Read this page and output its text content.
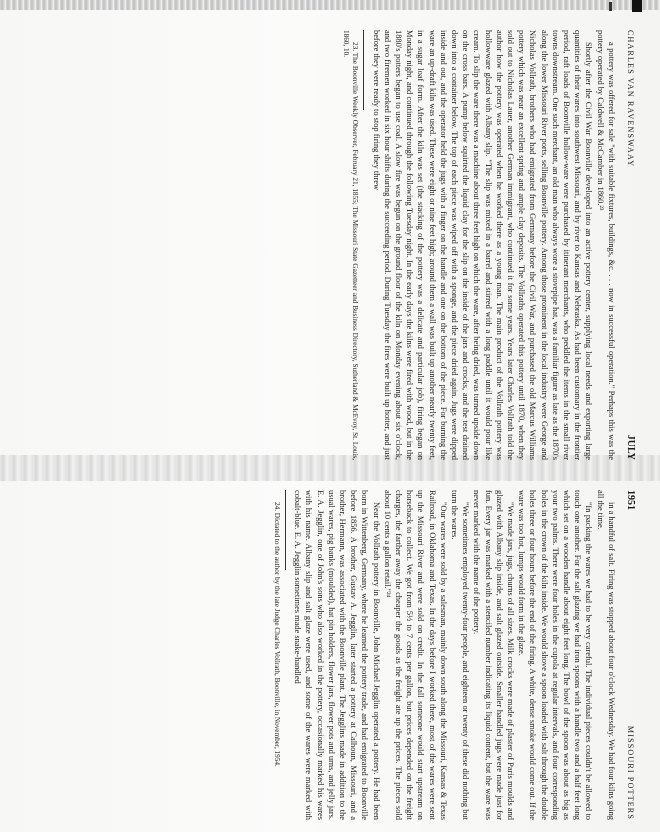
CHARLES VAN RAVENSWAAY
JULY

a pottery was offered for sale "with suitable fixtures, buildings, &c. . . . now in successful operation." Perhaps this was the pottery operated by Caldwell & McCamber in 1860.²³

Shortly after the Civil War Boonville developed into an active pottery center, supplying local needs and exporting large quantities of their wares into southwest Missouri, and by river to Kansas and Nebraska. As had been customary in the frontier period, raft loads of Boonville hollow-ware were purchased by itinerant merchants, who peddled the items in the small river towns downstream. One such merchant, an old man who always wore a stovepipe hat, was a familiar figure as late as the 1870's along the lower Missouri River ports, selling Boonville pottery. Among those prominent in the local industry were George and Nicholas Vollrath, brothers who had emigrated from Germany before the Civil War, and purchased the old Marcus Williams pottery which was near an excellent spring and ample clay deposits. The Vollraths operated this pottery until 1870, when they sold out to Nicholas Lauer, another German immigrant, who continued it for some years. Years later Charles Vollrath told the author how the pottery was operated when he worked there as a young man. The main product of the Vollrath pottery was hollowware glazed with Albany slip. "The slip was mixed in a barrel and stirred with a long paddle until it would pour like cream. To slip the ware there was a machine about three feet high on which the ware, after being dried, was turned upside down on the cross bars. A pump below squirted the liquid clay for the slip on the inside of the jars and crocks, and the test drained down into a container below. The top of each piece was wiped off with a sponge, and the piece dried again. Jugs were dipped inside and out, and the operator held the jugs with a finger on the handle and one on the bottom of the piece. For burning the ware an up-draft kiln was used. These were eight or nine feet high; around them a wall was built up another nearly twenty feet, in a sugar loaf form. After the kiln was set (the stacking of the pottery was a delicate and particular job), firing began on Monday night, and continued through the following Tuesday night. In the early days the kilns were fired with wood, but in the 1880's potters began to use coal. A slow fire was begun on the ground floor of the kiln on Monday evening about six o'clock, and two firemen worked in six hour shifts during the succeeding period. During Tuesday the fires were built up hotter, and just before they were ready to stop firing they threw

23. The Boonville Weekly Observer, February 21, 1855; The Missouri State Gazetteer and Business Directory, Sutherland & McEvoy, St. Louis, 1860, 10.

1951
MISSOURI POTTERS

in a handful of salt. Firing was stopped about four o'clock Wednesday. We had four kilns going all the time.

"In packing the wares we had to be very careful. The individual pieces couldn't be allowed to touch one another. For the salt glazing we had iron spoons with a handle two and a half feet long which set on a wooden handle about eight feet long. The bowl of the spoon was about as big as your two palms. There were four holes in the cupola at regular intervals, and four corresponding holes in the crown of the kiln inside. We would shove a spoon loaded with salt through the double holes three or four hours before the end of the firing. A white, dense smoke would come out. If the ware was too hot, lumps would form in the glaze.

"We made jars, jugs, churns of all sizes. Milk crocks were made of plaster of Paris moulds and glazed with Albany slip inside, and salt glazed outside. Smaller handled jugs were made just for fun. Every jar was marked with a stenciled number indicating its liquid content, but the ware was never marked with the name of the pottery.

"We sometimes employed twenty-four people, and eighteen or twenty of these did nothing but turn the wares.

"Our wares were sold by a salesman, mainly down south along the Missouri, Kansas & Texas Railroad, in Oklahoma and Texas. In the days before I worked there, most of the wares were sent up the Missouri River and were sold on credit. In the fall someone would start upstream on horseback to collect. We got from 5½ to 7 cents per gallon, but prices depended on the freight charges, the farther away the cheaper the goods as the freight ate up the prices. The pieces sold about 10 cents a gallon retail."²⁴

Near the Vollrath pottery in Boonville, John Michael Jegglin operated a pottery. He had been born in Wittenberg, Germany, where he learned the pottery trade, and had emigrated to Boonville before 1856. A brother, Gustav A. Jegglin, later started a pottery at Calhoun, Missouri, and a brother, Hermann, was associated with the Boonville plant. The Jegglins made in addition to the usual wares, pig banks (moulded), hat pin holders, flower jars, flower pots and urns, and jelly jars. E. A. Jegglin, one of John's sons who also worked in the pottery, occasionally marked his wares with his name. Albany slip and salt glaze were used, and some of the wares were marked with cobalt-blue. E. A. Jegglin sometimes made snake-handled

24. Dictated to the author by the late Judge Charles Vollrath, Boonville, in November, 1954.
